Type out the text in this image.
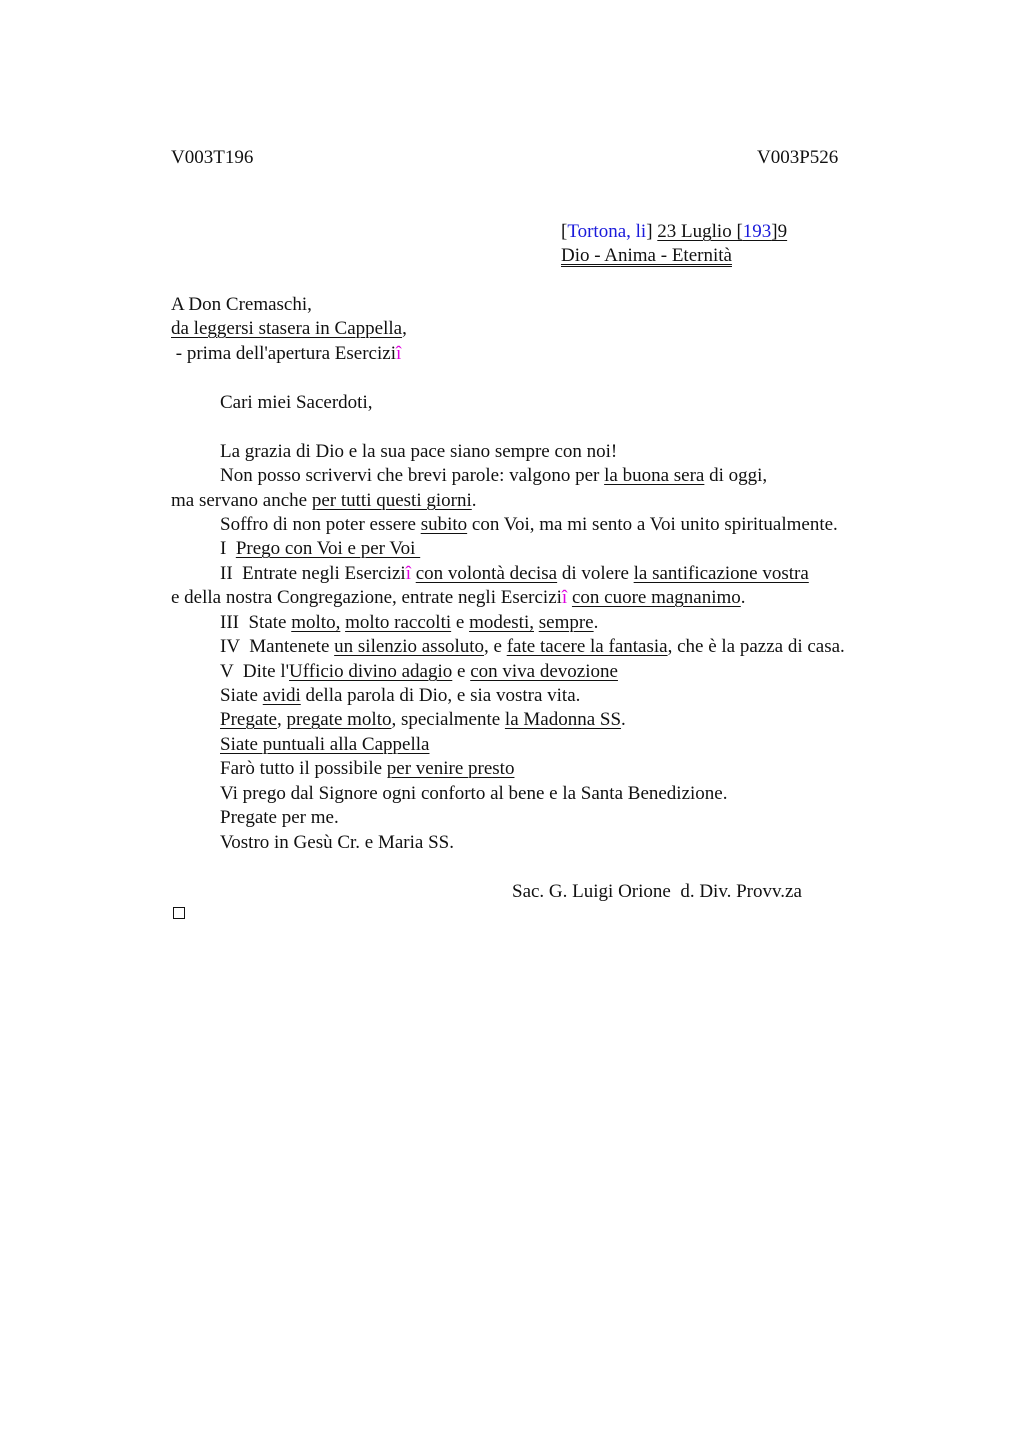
V003T196	V003P526
[Tortona, li] 23 Luglio [193]9
Dio - Anima - Eternità
A Don Cremaschi,
da leggersi stasera in Cappella,
- prima dell'apertura Eserciziî
Cari miei Sacerdoti,
La grazia di Dio e la sua pace siano sempre con noi!
Non posso scrivervi che brevi parole: valgono per la buona sera di oggi,
ma servano anche per tutti questi giorni.
Soffro di non poter essere subito con Voi, ma mi sento a Voi unito spiritualmente.
I  Prego con Voi e per Voi
II  Entrate negli Eserciziî con volontà decisa di volere la santificazione vostra
e della nostra Congregazione, entrate negli Eserciziî con cuore magnanimo.
III  State molto, molto raccolti e modesti, sempre.
IV  Mantenete un silenzio assoluto, e fate tacere la fantasia, che è la pazza di casa.
V  Dite l'Ufficio divino adagio e con viva devozione
Siate avidi della parola di Dio, e sia vostra vita.
Pregate, pregate molto, specialmente la Madonna SS.
Siate puntuali alla Cappella
Farò tutto il possibile per venire presto
Vi prego dal Signore ogni conforto al bene e la Santa Benedizione.
Pregate per me.
Vostro in Gesù Cr. e Maria SS.
Sac. G. Luigi Orione  d. Div. Provv.za
